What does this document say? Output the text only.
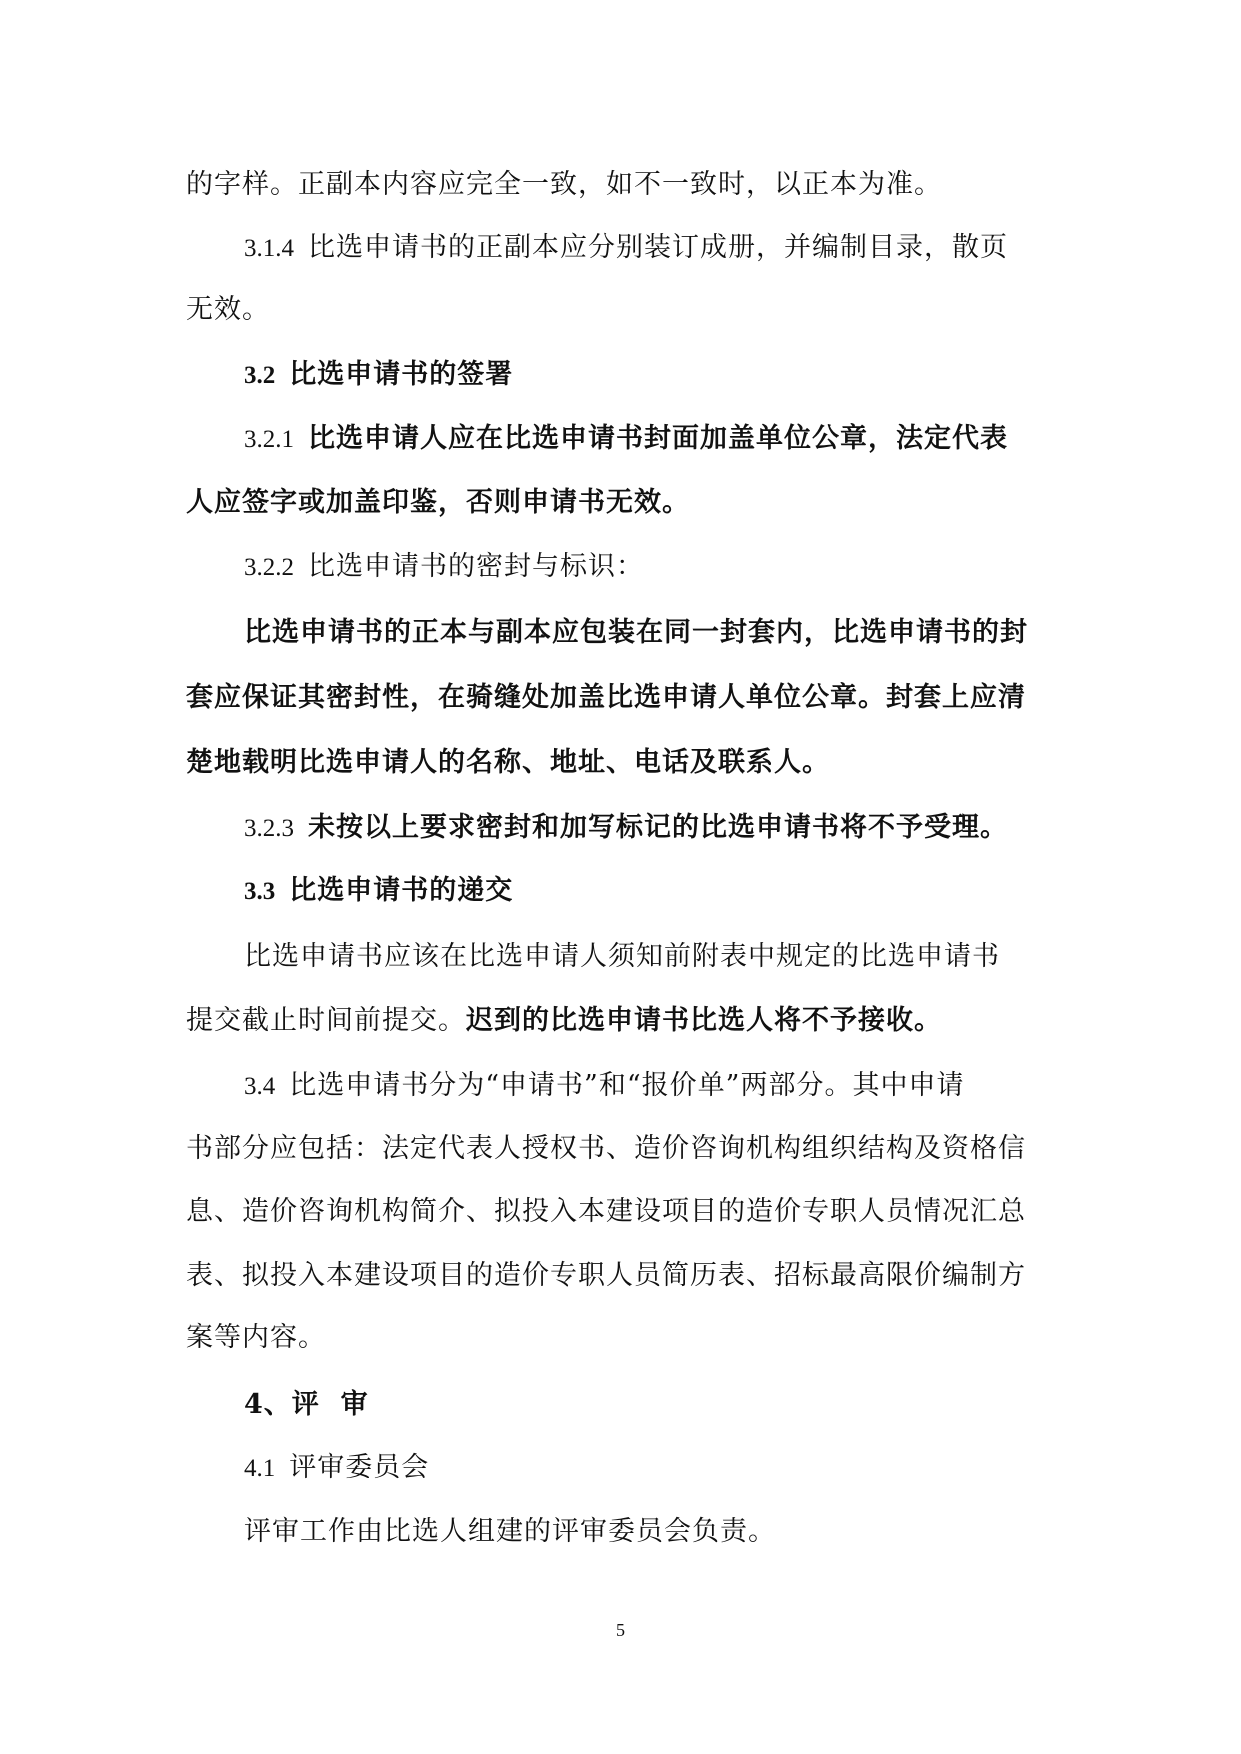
的字样。正副本内容应完全一致，如不一致时，以正本为准。
3.1.4 比选申请书的正副本应分别装订成册，并编制目录，散页
无效。
3.2 比选申请书的签署
3.2.1 比选申请人应在比选申请书封面加盖单位公章，法定代表
人应签字或加盖印鉴，否则申请书无效。
3.2.2 比选申请书的密封与标识：
比选申请书的正本与副本应包装在同一封套内，比选申请书的封
套应保证其密封性，在骑缝处加盖比选申请人单位公章。封套上应清
楚地载明比选申请人的名称、地址、电话及联系人。
3.2.3 未按以上要求密封和加写标记的比选申请书将不予受理。
3.3 比选申请书的递交
比选申请书应该在比选申请人须知前附表中规定的比选申请书
提交截止时间前提交。迟到的比选申请书比选人将不予接收。
3.4 比选申请书分为“申请书”和“报价单”两部分。其中申请
书部分应包括：法定代表人授权书、造价咨询机构组织结构及资格信
息、造价咨询机构简介、拟投入本建设项目的造价专职人员情况汇总
表、拟投入本建设项目的造价专职人员简历表、招标最高限价编制方
案等内容。
4、评  审
4.1 评审委员会
评审工作由比选人组建的评审委员会负责。
5
